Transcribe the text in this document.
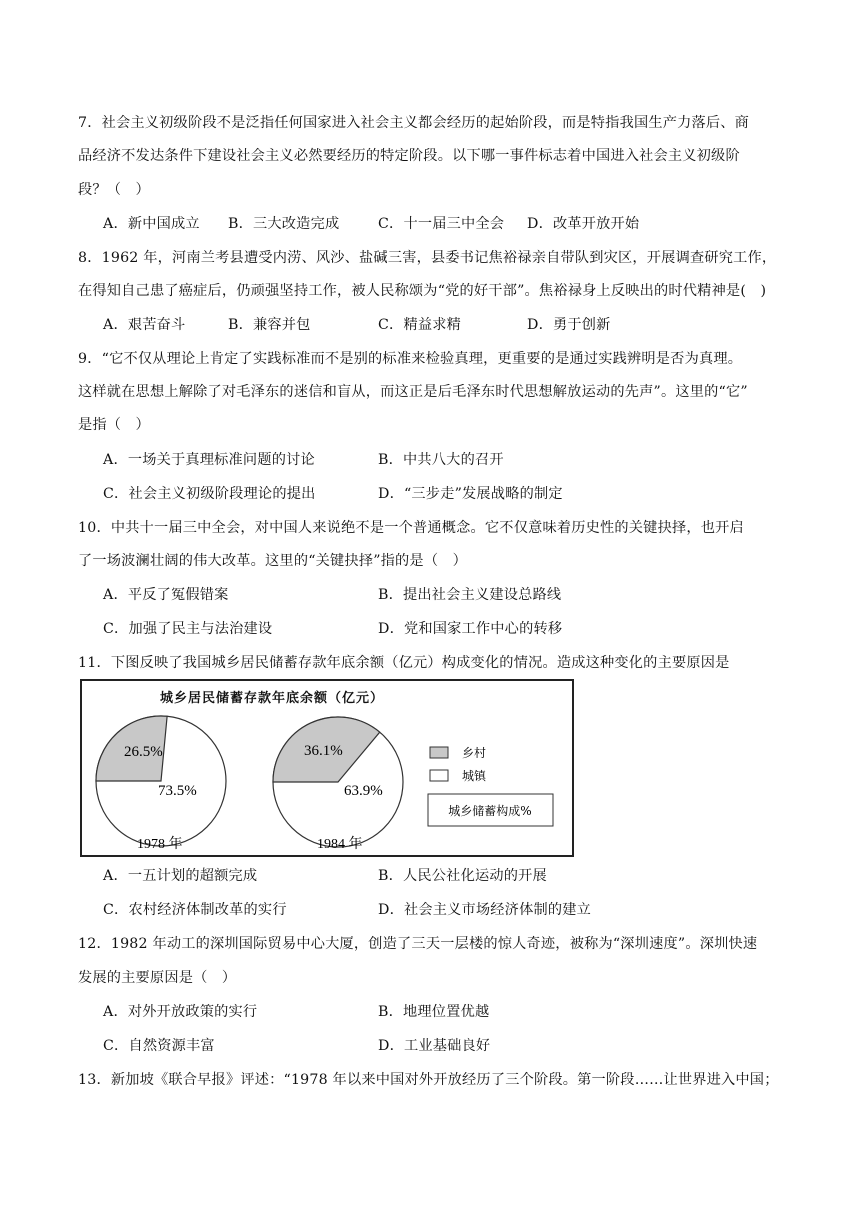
7．社会主义初级阶段不是泛指任何国家进入社会主义都会经历的起始阶段，而是特指我国生产力落后、商
品经济不发达条件下建设社会主义必然要经历的特定阶段。以下哪一事件标志着中国进入社会主义初级阶
段？（　）
A．新中国成立 B．三大改造完成	C．十一届三中全会 D．改革开放开始
8．1962 年，河南兰考县遭受内涝、风沙、盐碱三害，县委书记焦裕禄亲自带队到灾区，开展调查研究工作，
在得知自己患了癌症后，仍顽强坚持工作，被人民称颂为“党的好干部”。焦裕禄身上反映出的时代精神是(　)
A．艰苦奋斗	B．兼容并包	C．精益求精	D．勇于创新
9．“它不仅从理论上肯定了实践标准而不是别的标准来检验真理，更重要的是通过实践辨明是否为真理。
这样就在思想上解除了对毛泽东的迷信和盲从，而这正是后毛泽东时代思想解放运动的先声”。这里的“它”
是指（　）
A．一场关于真理标准问题的讨论	B．中共八大的召开
C．社会主义初级阶段理论的提出	D．“三步走”发展战略的制定
10．中共十一届三中全会，对中国人来说绝不是一个普通概念。它不仅意味着历史性的关键抉择，也开启
了一场波澜壮阔的伟大改革。这里的“关键抉择”指的是（　）
A．平反了冤假错案	B．提出社会主义建设总路线
C．加强了民主与法治建设	D．党和国家工作中心的转移
11．下图反映了我国城乡居民储蓄存款年底余额（亿元）构成变化的情况。造成这种变化的主要原因是
城乡居民储蓄存款年底余额（亿元）
26.5%
73.5%
1978 年
36.1%
63.9%
1984 年
乡村
城镇
城乡储蓄构成%
A．一五计划的超额完成	B．人民公社化运动的开展
C．农村经济体制改革的实行	D．社会主义市场经济体制的建立
12．1982 年动工的深圳国际贸易中心大厦，创造了三天一层楼的惊人奇迹，被称为“深圳速度”。深圳快速
发展的主要原因是（　）
A．对外开放政策的实行	B．地理位置优越
C．自然资源丰富	D．工业基础良好
13．新加坡《联合早报》评述：“1978 年以来中国对外开放经历了三个阶段。第一阶段……让世界进入中国；
